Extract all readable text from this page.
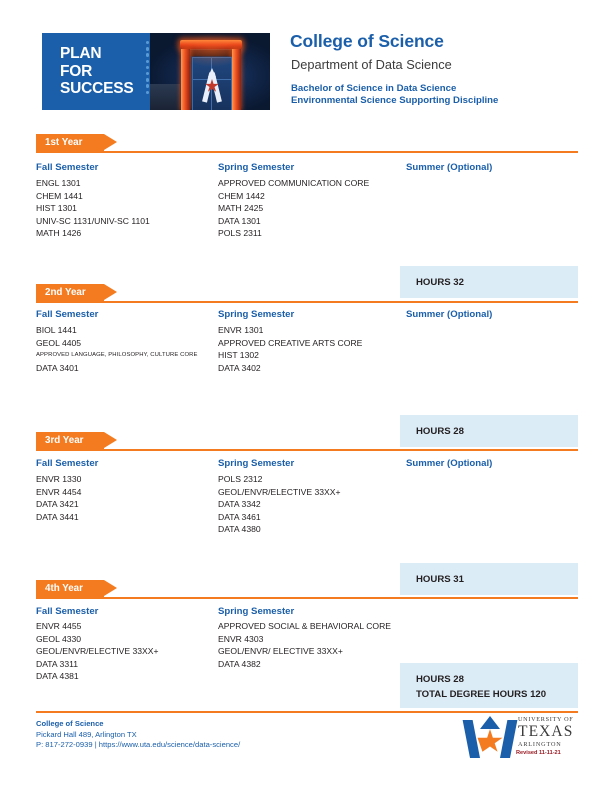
PLAN
FOR
SUCCESS
College of Science
Department of Data Science
Bachelor of Science in Data Science
Environmental Science Supporting Discipline
1st Year
Fall Semester
ENGL 1301
CHEM 1441
HIST 1301
UNIV-SC 1131/UNIV-SC 1101
MATH 1426
Spring Semester
APPROVED COMMUNICATION CORE
CHEM 1442
MATH 2425
DATA 1301
POLS 2311
Summer (Optional)
HOURS 32
2nd Year
Fall Semester
BIOL 1441
GEOL 4405
APPROVED LANGUAGE, PHILOSOPHY, CULTURE CORE
DATA 3401
Spring Semester
ENVR 1301
APPROVED CREATIVE ARTS CORE
HIST 1302
DATA 3402
Summer (Optional)
HOURS 28
3rd Year
Fall Semester
ENVR 1330
ENVR 4454
DATA 3421
DATA 3441
Spring Semester
POLS 2312
GEOL/ENVR/ELECTIVE 33XX+
DATA 3342
DATA 3461
DATA 4380
Summer (Optional)
HOURS 31
4th Year
Fall Semester
ENVR 4455
GEOL 4330
GEOL/ENVR/ELECTIVE 33XX+
DATA 3311
DATA 4381
Spring Semester
APPROVED SOCIAL & BEHAVIORAL CORE
ENVR 4303
GEOL/ENVR/ ELECTIVE 33XX+
DATA 4382
HOURS 28
TOTAL DEGREE HOURS 120
College of Science
Pickard Hall 489, Arlington TX
P: 817-272-0939 | https://www.uta.edu/science/data-science/
UNIVERSITY OF
TEXAS
ARLINGTON
Revised 11-11-21
